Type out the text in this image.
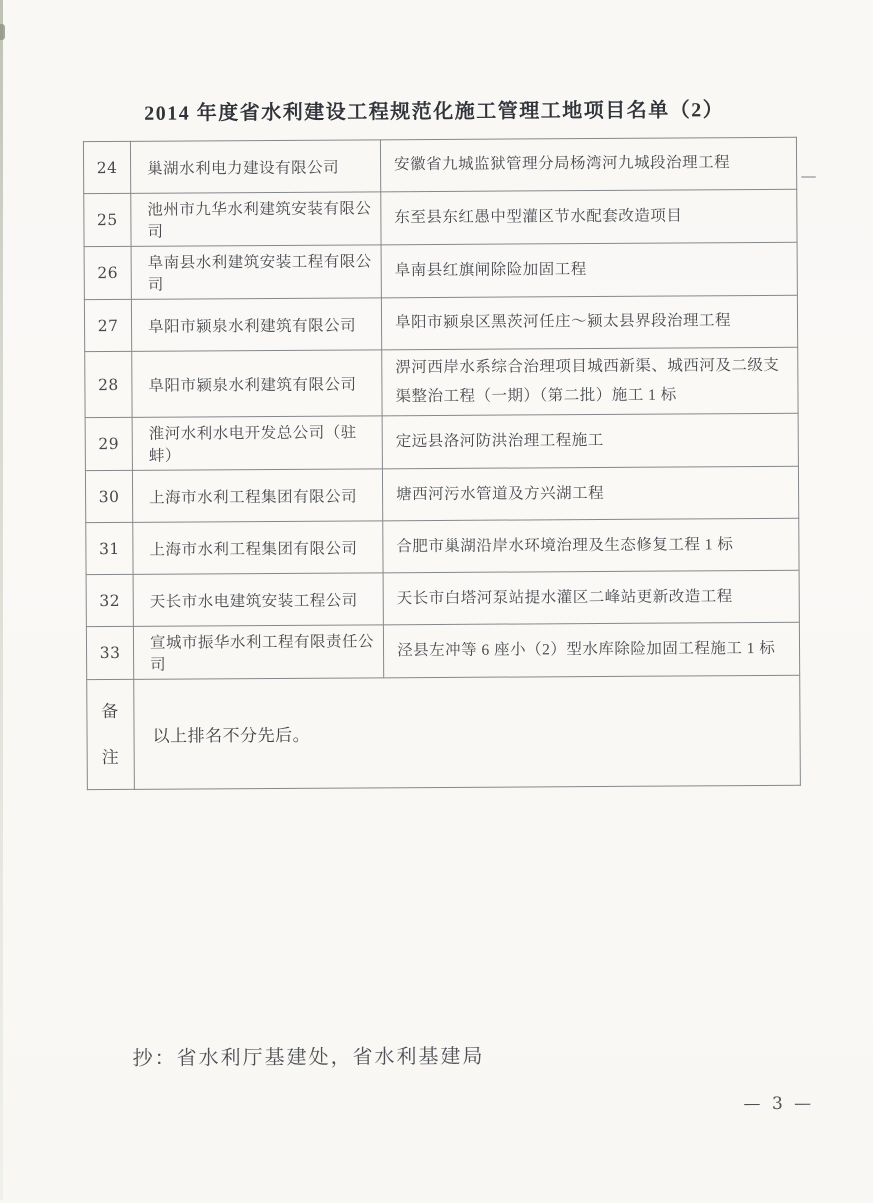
2014 年度省水利建设工程规范化施工管理工地项目名单（2）
24	巢湖水利电力建设有限公司	安徽省九城监狱管理分局杨湾河九城段治理工程
25	池州市九华水利建筑安装有限公司	东至县东红愚中型灌区节水配套改造项目
26	阜南县水利建筑安装工程有限公司	阜南县红旗闸除险加固工程
27	阜阳市颍泉水利建筑有限公司	阜阳市颍泉区黑茨河任庄～颍太县界段治理工程
28	阜阳市颍泉水利建筑有限公司	淠河西岸水系综合治理项目城西新渠、城西河及二级支渠整治工程（一期）（第二批）施工 1 标
29	淮河水利水电开发总公司（驻蚌）	定远县洛河防洪治理工程施工
30	上海市水利工程集团有限公司	塘西河污水管道及方兴湖工程
31	上海市水利工程集团有限公司	合肥市巢湖沿岸水环境治理及生态修复工程 1 标
32	天长市水电建筑安装工程公司	天长市白塔河泵站提水灌区二峰站更新改造工程
33	宣城市振华水利工程有限责任公司	泾县左冲等 6 座小（2）型水库除险加固工程施工 1 标
备注	以上排名不分先后。	
抄：省水利厅基建处，省水利基建局
— 3 —
